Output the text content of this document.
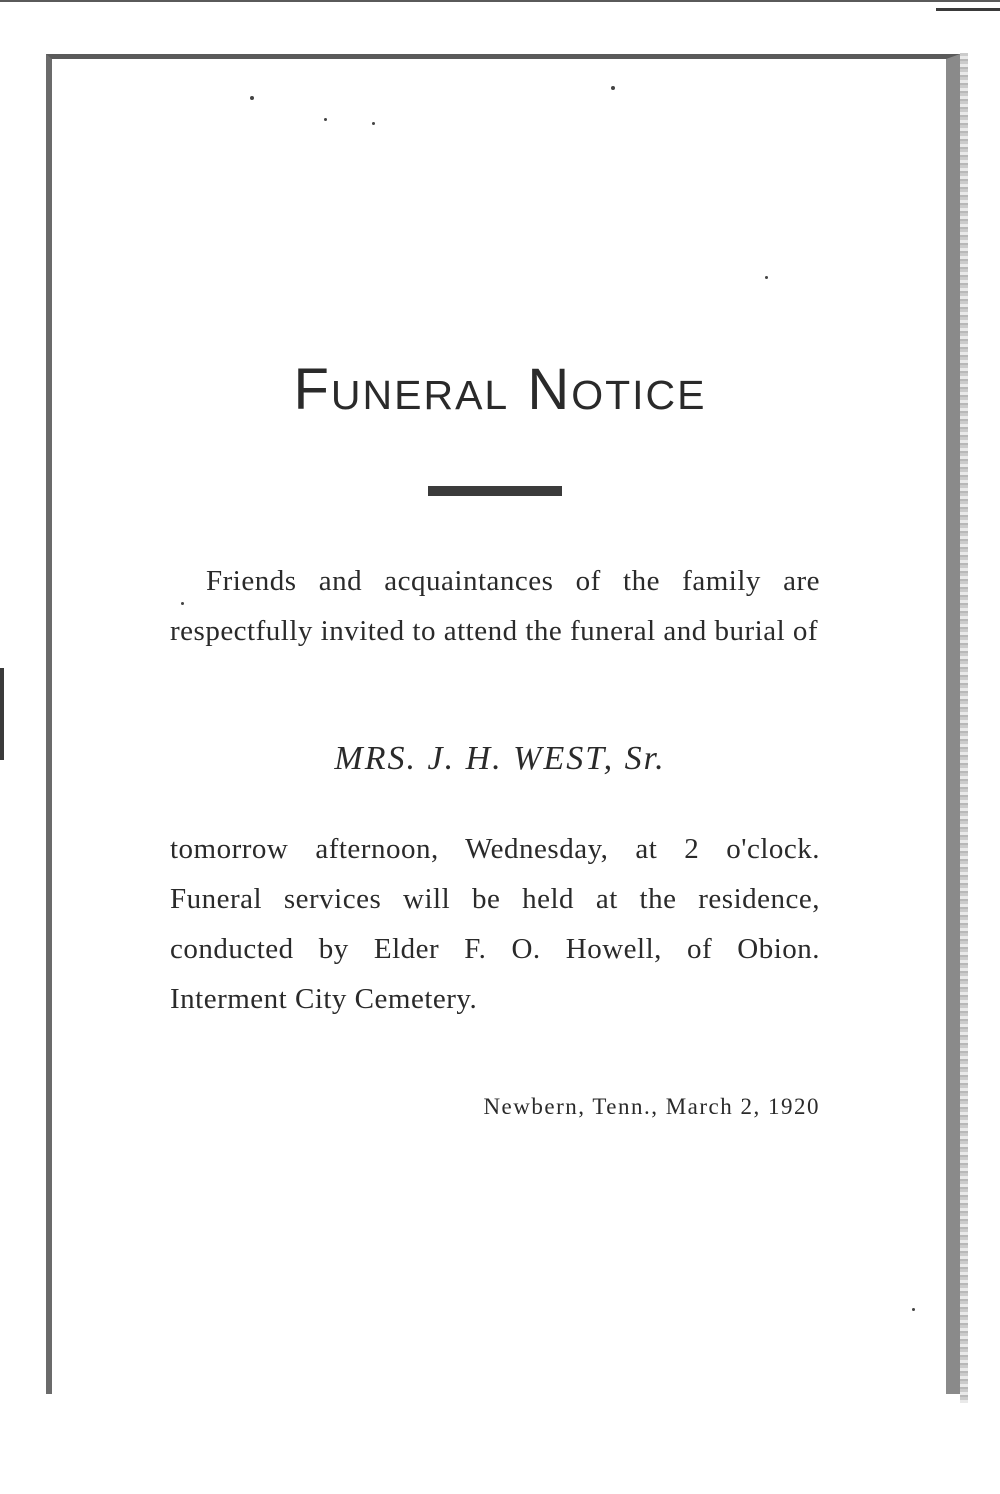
Funeral Notice
Friends and acquaintances of the family are respectfully invited to attend the funeral and burial of
MRS. J. H. WEST, Sr.
tomorrow afternoon, Wednesday, at 2 o'clock. Funeral services will be held at the residence, conducted by Elder F. O. Howell, of Obion. Interment City Cemetery.
Newbern, Tenn., March 2, 1920
